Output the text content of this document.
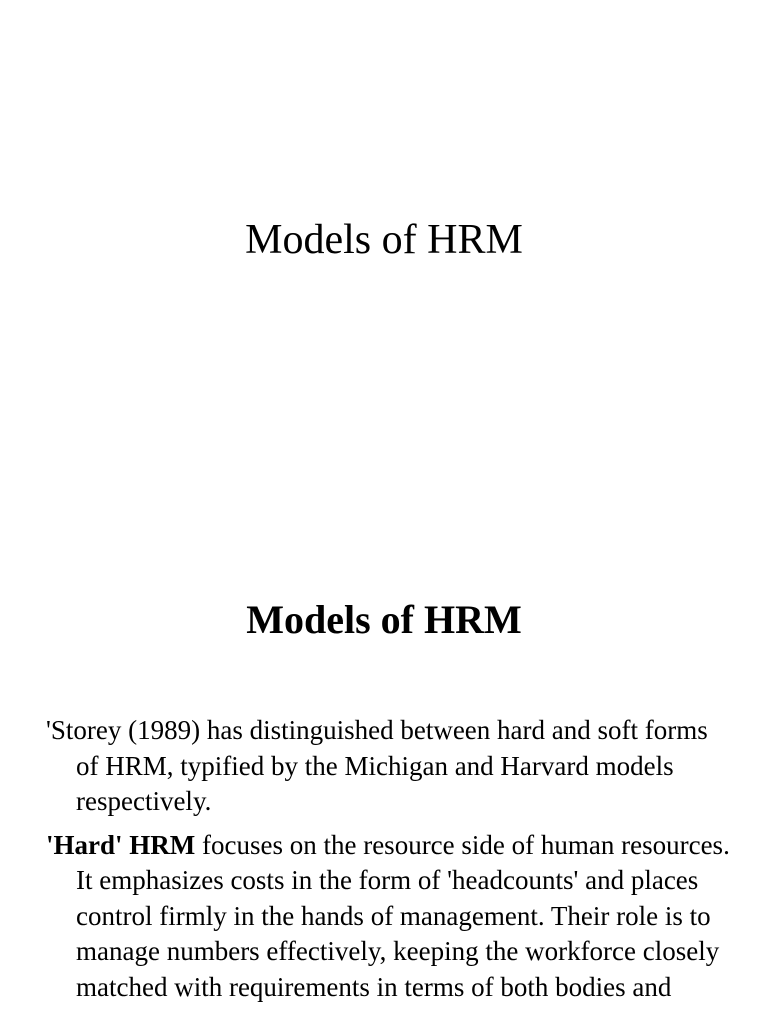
Models of HRM
Models of HRM

'Storey (1989) has distinguished between hard and soft forms of HRM, typified by the Michigan and Harvard models respectively.

'Hard' HRM focuses on the resource side of human resources. It emphasizes costs in the form of 'headcounts' and places control firmly in the hands of management. Their role is to manage numbers effectively, keeping the workforce closely matched with requirements in terms of both bodies and
